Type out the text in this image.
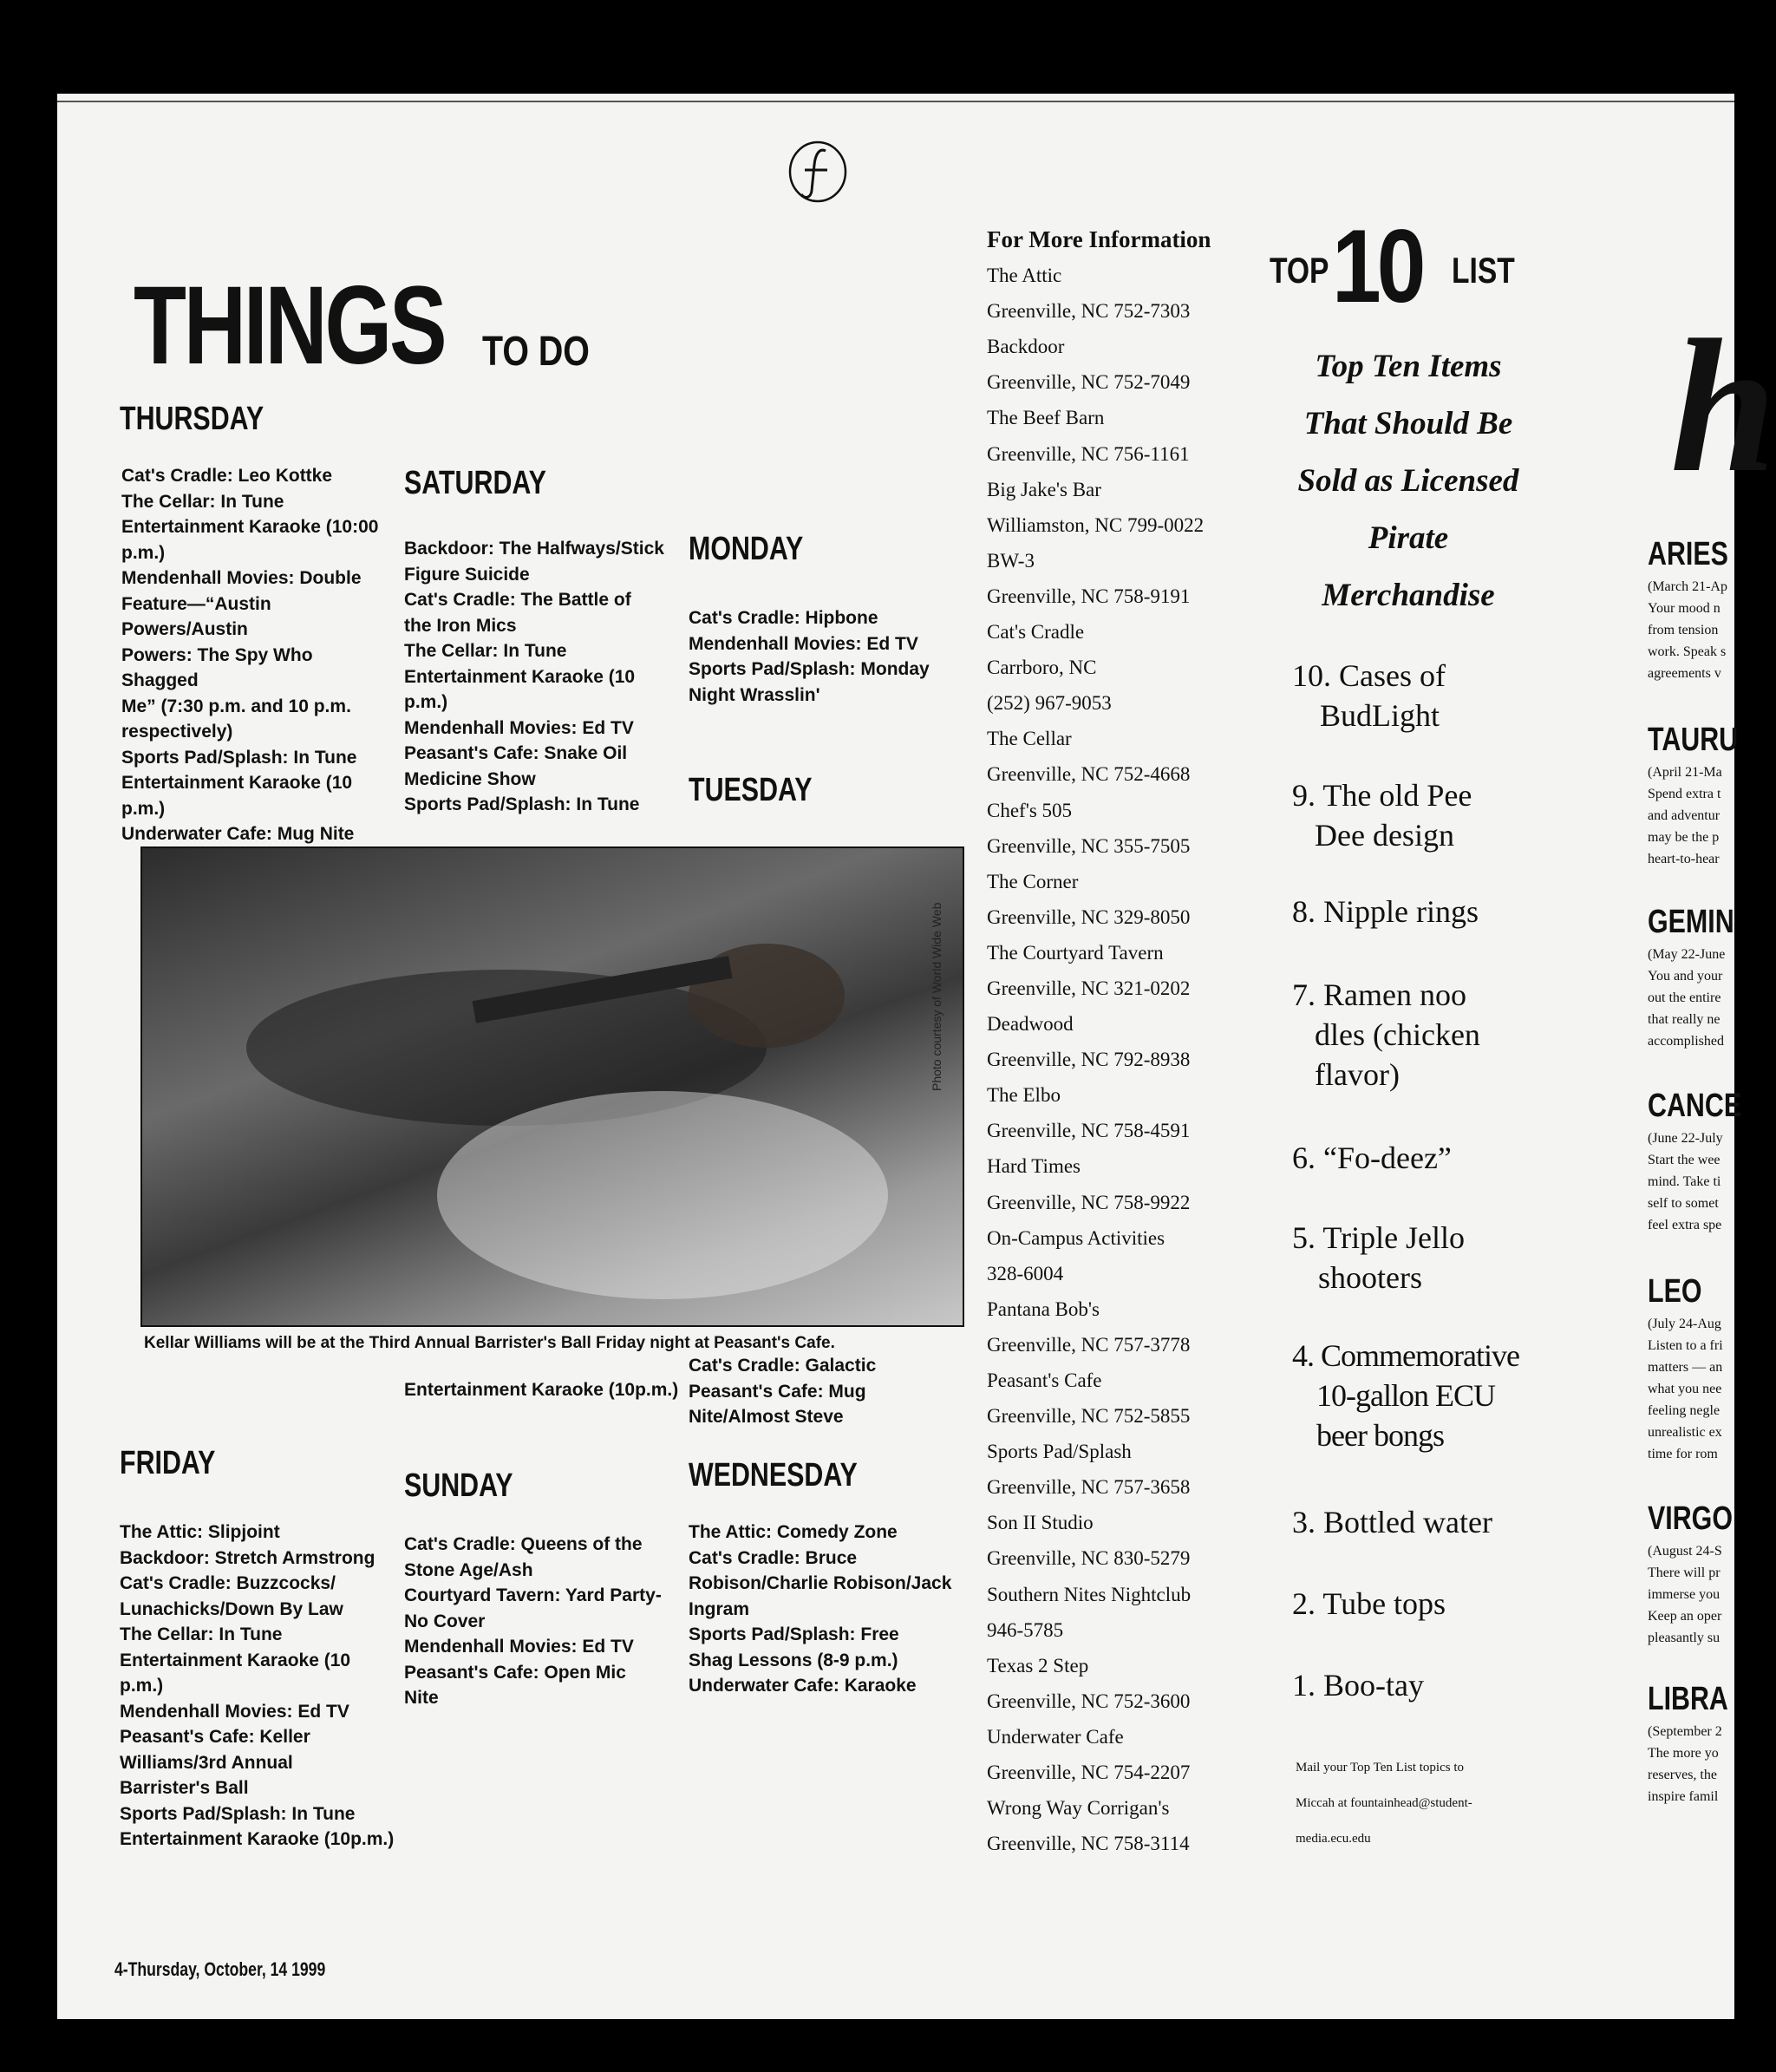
THINGS TO DO
THURSDAY
Cat's Cradle: Leo Kottke
The Cellar: In Tune
Entertainment Karaoke (10:00
p.m.)
Mendenhall Movies: Double
Feature—“Austin Powers/Austin
Powers: The Spy Who Shagged
Me” (7:30 p.m. and 10 p.m.
respectively)
Sports Pad/Splash: In Tune
Entertainment Karaoke (10
p.m.)
Underwater Cafe: Mug Nite
SATURDAY
Backdoor: The Halfways/Stick
Figure Suicide
Cat's Cradle: The Battle of
the Iron Mics
The Cellar: In Tune
Entertainment Karaoke (10
p.m.)
Mendenhall Movies: Ed TV
Peasant's Cafe: Snake Oil
Medicine Show
Sports Pad/Splash: In Tune
MONDAY
Cat's Cradle: Hipbone
Mendenhall Movies: Ed TV
Sports Pad/Splash: Monday
Night Wrasslin'
TUESDAY
Photo courtesy of World Wide Web
Kellar Williams will be at the Third Annual Barrister's Ball Friday night at Peasant's Cafe.
FRIDAY
The Attic: Slipjoint
Backdoor: Stretch Armstrong
Cat's Cradle: Buzzcocks/
Lunachicks/Down By Law
The Cellar: In Tune
Entertainment Karaoke (10
p.m.)
Mendenhall Movies: Ed TV
Peasant's Cafe: Keller
Williams/3rd Annual
Barrister's Ball
Sports Pad/Splash: In Tune
Entertainment Karaoke (10p.m.)
Entertainment Karaoke (10p.m.)
SUNDAY
Cat's Cradle: Queens of the
Stone Age/Ash
Courtyard Tavern: Yard Party-
No Cover
Mendenhall Movies: Ed TV
Peasant's Cafe: Open Mic
Nite
Cat's Cradle: Galactic
Peasant's Cafe: Mug
Nite/Almost Steve
WEDNESDAY
The Attic: Comedy Zone
Cat's Cradle: Bruce
Robison/Charlie Robison/Jack
Ingram
Sports Pad/Splash: Free
Shag Lessons (8-9 p.m.)
Underwater Cafe: Karaoke
4-Thursday, October, 14 1999
For More Information
The Attic
Greenville, NC 752-7303
Backdoor
Greenville, NC 752-7049
The Beef Barn
Greenville, NC 756-1161
Big Jake's Bar
Williamston, NC 799-0022
BW-3
Greenville, NC 758-9191
Cat's Cradle
Carrboro, NC
(252) 967-9053
The Cellar
Greenville, NC 752-4668
Chef's 505
Greenville, NC 355-7505
The Corner
Greenville, NC 329-8050
The Courtyard Tavern
Greenville, NC 321-0202
Deadwood
Greenville, NC 792-8938
The Elbo
Greenville, NC 758-4591
Hard Times
Greenville, NC 758-9922
On-Campus Activities
328-6004
Pantana Bob's
Greenville, NC 757-3778
Peasant's Cafe
Greenville, NC 752-5855
Sports Pad/Splash
Greenville, NC 757-3658
Son II Studio
Greenville, NC 830-5279
Southern Nites Nightclub
946-5785
Texas 2 Step
Greenville, NC 752-3600
Underwater Cafe
Greenville, NC 754-2207
Wrong Way Corrigan's
Greenville, NC 758-3114
TOP 10 LIST
Top Ten Items
That Should Be
Sold as Licensed
Pirate
Merchandise
10. Cases of
BudLight
9. The old Pee
Dee design
8. Nipple rings
7. Ramen noo
dles (chicken
flavor)
6. “Fo-deez”
5. Triple Jello
shooters
4. Commemorative
10-gallon ECU
beer bongs
3. Bottled water
2. Tube tops
1. Boo-tay
Mail your Top Ten List topics to
Miccah at fountainhead@student-
media.ecu.edu
h
ARIES
(March 21-Ap
Your mood n
from tension
work. Speak s
agreements v
TAURU
(April 21-Ma
Spend extra t
and adventur
may be the p
heart-to-hear
GEMIN
(May 22-June
You and your
out the entire
that really ne
accomplished
CANCE
(June 22-July
Start the wee
mind. Take ti
self to somet
feel extra spe
LEO
(July 24-Aug
Listen to a fri
matters — an
what you nee
feeling negle
unrealistic ex
time for rom
VIRGO
(August 24-S
There will pr
immerse you
Keep an oper
pleasantly su
LIBRA
(September 2
The more yo
reserves, the
inspire famil
